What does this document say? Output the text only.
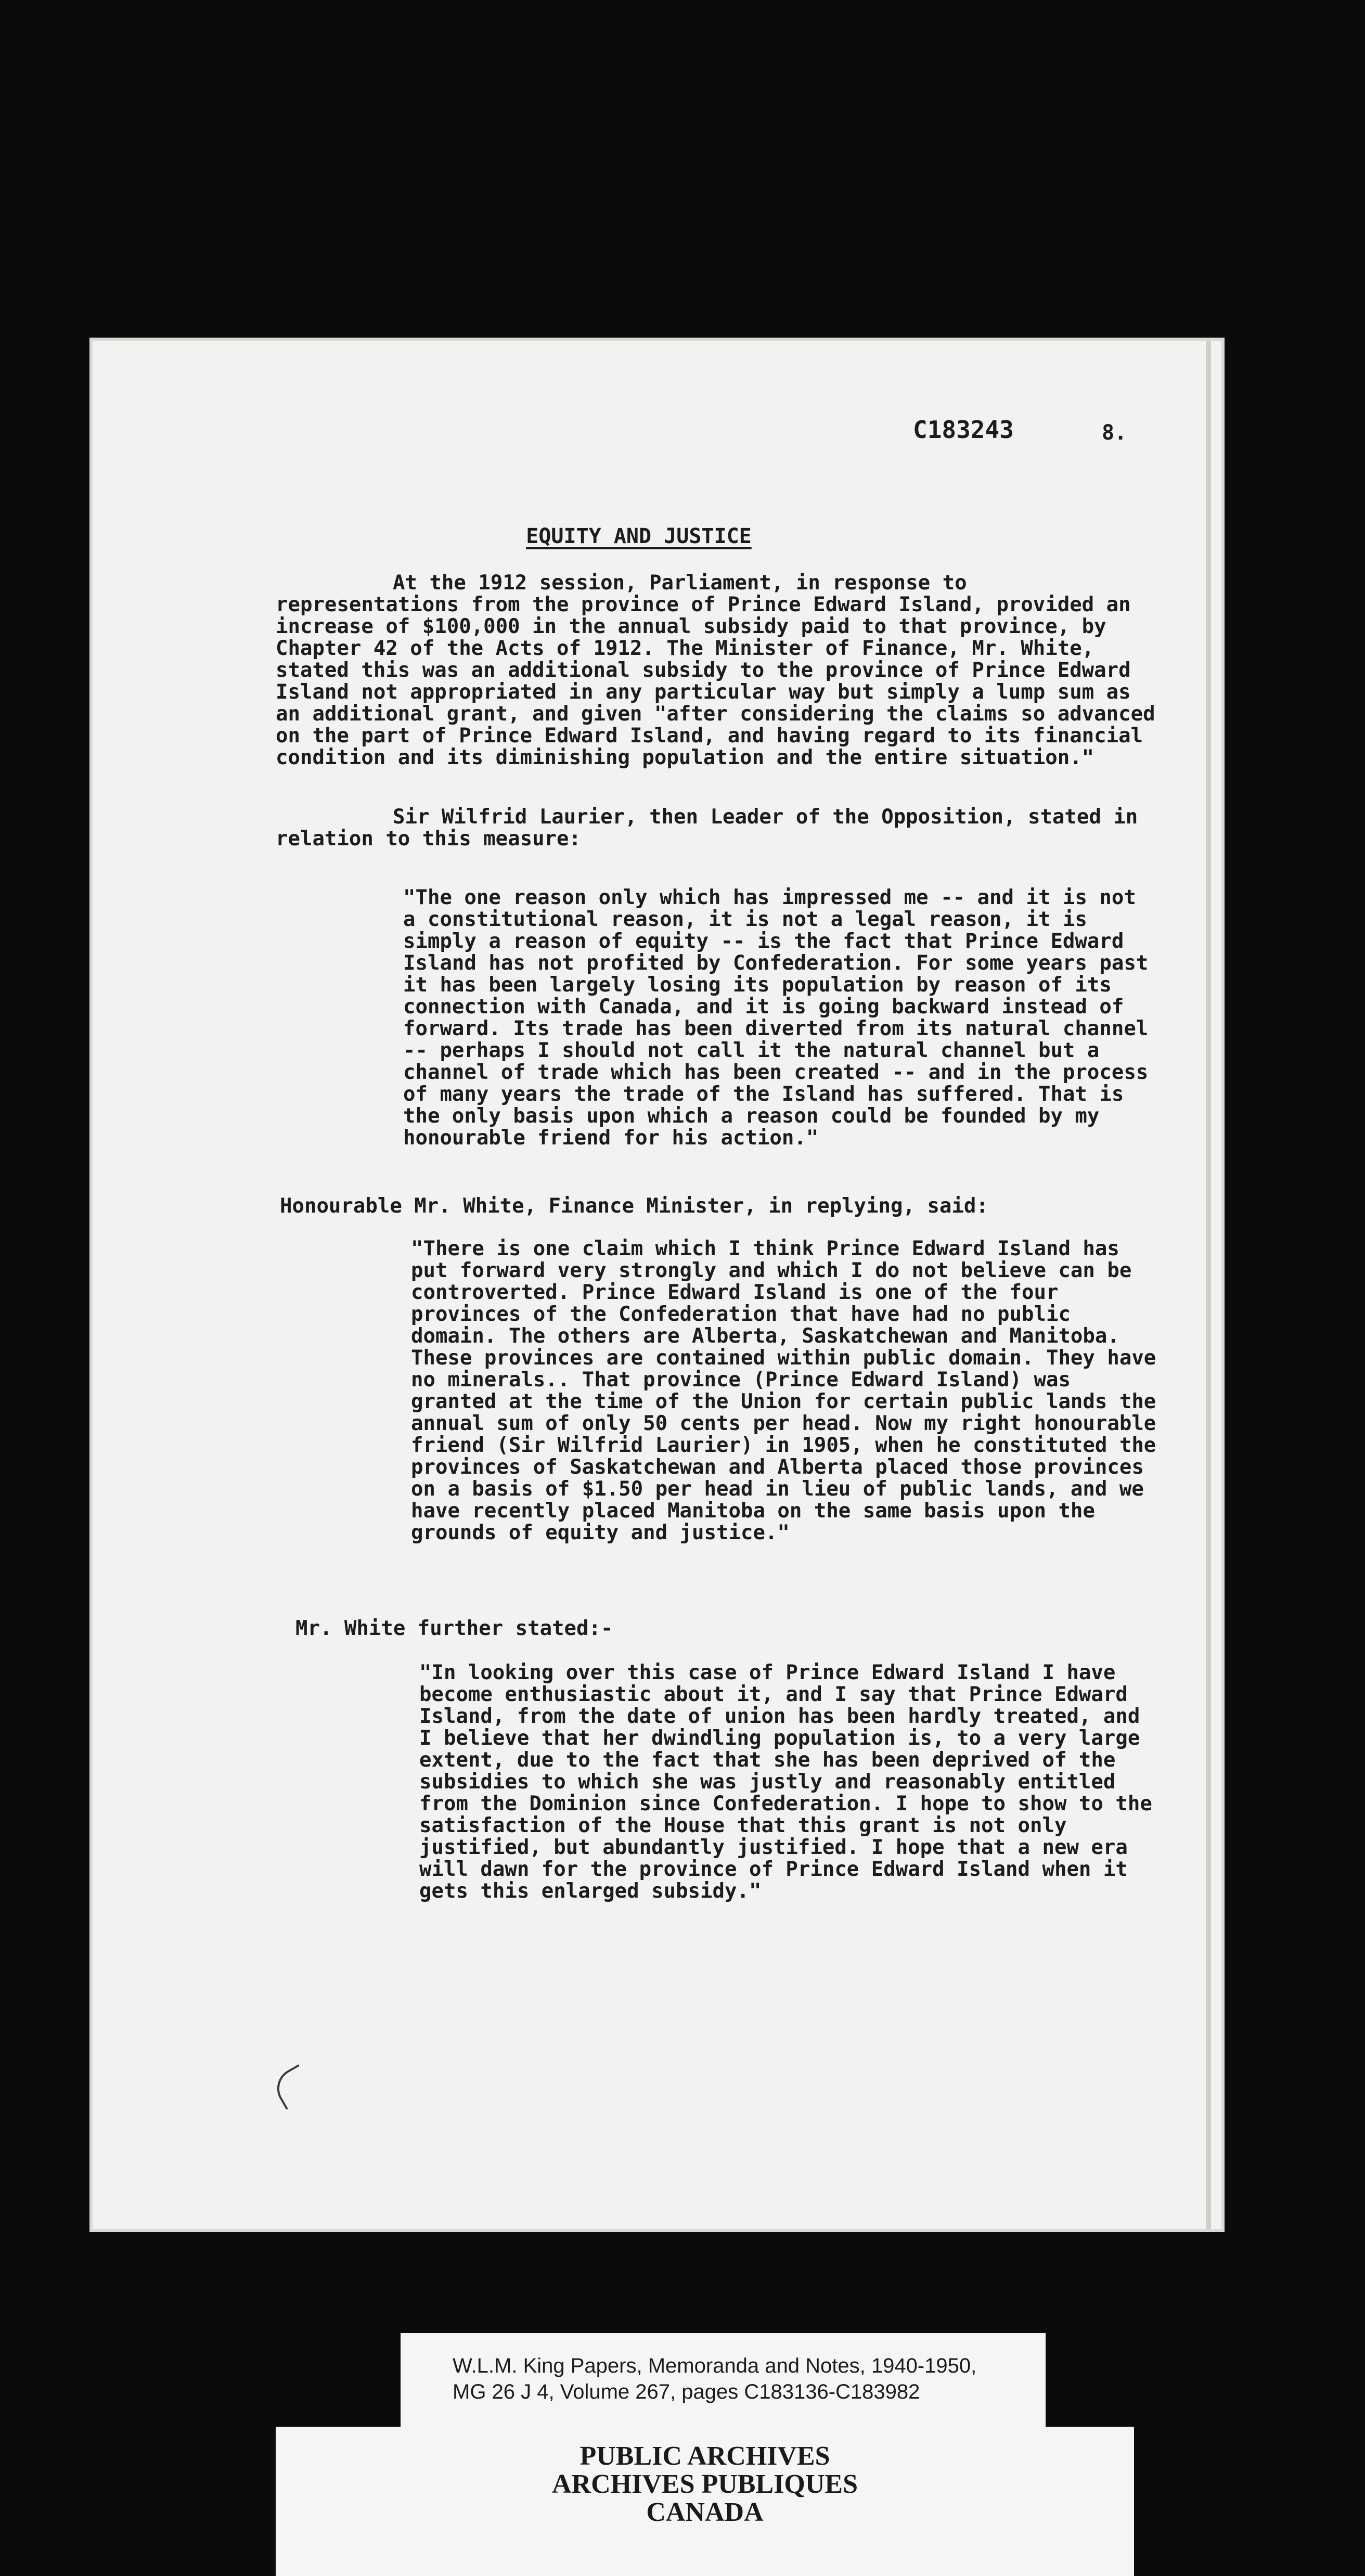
C183243	8.
EQUITY AND JUSTICE
At the 1912 session, Parliament, in response to representations from the province of Prince Edward Island, provided an increase of $100,000 in the annual subsidy paid to that province, by Chapter 42 of the Acts of 1912. The Minister of Finance, Mr. White, stated this was an additional subsidy to the province of Prince Edward Island not appropriated in any particular way but simply a lump sum as an additional grant, and given "after considering the claims so advanced on the part of Prince Edward Island, and having regard to its financial condition and its diminishing population and the entire situation."
Sir Wilfrid Laurier, then Leader of the Opposition, stated in relation to this measure:
"The one reason only which has impressed me -- and it is not a constitutional reason, it is not a legal reason, it is simply a reason of equity -- is the fact that Prince Edward Island has not profited by Confederation. For some years past it has been largely losing its population by reason of its connection with Canada, and it is going backward instead of forward. Its trade has been diverted from its natural channel -- perhaps I should not call it the natural channel but a channel of trade which has been created -- and in the process of many years the trade of the Island has suffered. That is the only basis upon which a reason could be founded by my honourable friend for his action."
Honourable Mr. White, Finance Minister, in replying, said:
"There is one claim which I think Prince Edward Island has put forward very strongly and which I do not believe can be controverted. Prince Edward Island is one of the four provinces of the Confederation that have had no public domain. The others are Alberta, Saskatchewan and Manitoba. These provinces are contained within public domain. They have no minerals.. That province (Prince Edward Island) was granted at the time of the Union for certain public lands the annual sum of only 50 cents per head. Now my right honourable friend (Sir Wilfrid Laurier) in 1905, when he constituted the provinces of Saskatchewan and Alberta placed those provinces on a basis of $1.50 per head in lieu of public lands, and we have recently placed Manitoba on the same basis upon the grounds of equity and justice."
Mr. White further stated:-
"In looking over this case of Prince Edward Island I have become enthusiastic about it, and I say that Prince Edward Island, from the date of union has been hardly treated, and I believe that her dwindling population is, to a very large extent, due to the fact that she has been deprived of the subsidies to which she was justly and reasonably entitled from the Dominion since Confederation. I hope to show to the satisfaction of the House that this grant is not only justified, but abundantly justified. I hope that a new era will dawn for the province of Prince Edward Island when it gets this enlarged subsidy."
W.L.M. King Papers, Memoranda and Notes, 1940-1950,
MG 26 J 4, Volume 267, pages C183136-C183982
PUBLIC ARCHIVES
ARCHIVES PUBLIQUES
CANADA
